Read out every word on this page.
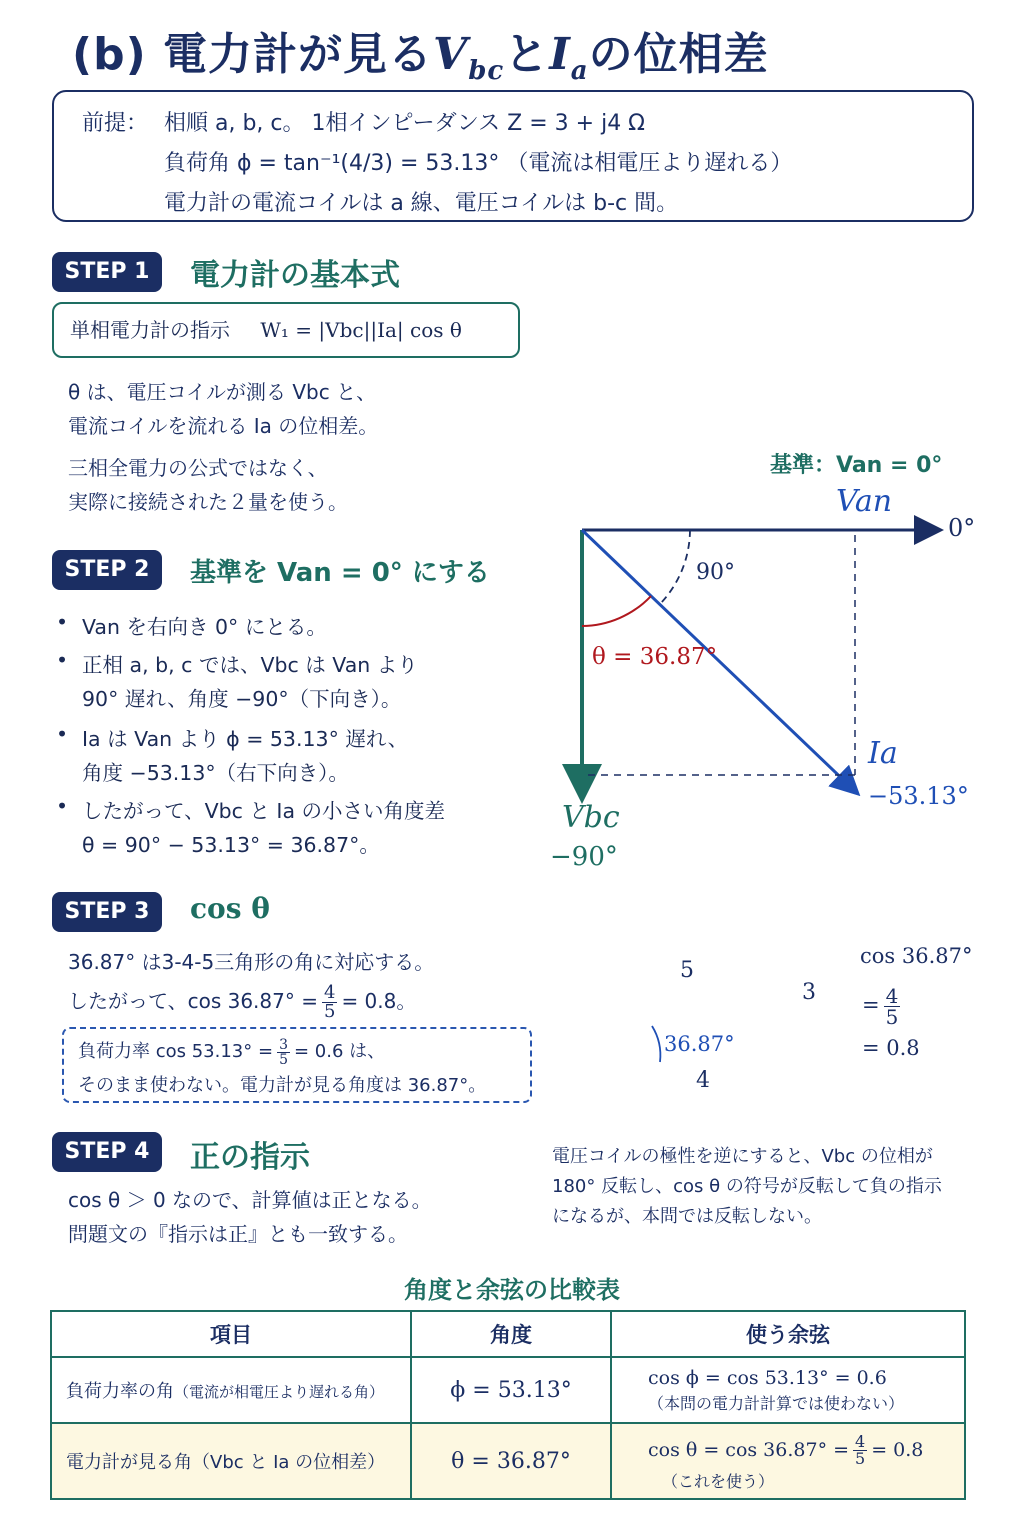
(b) 電力計が見る$V_{bc}$と$I_a$の位相差
前提： 相順 a, b, c。 1相インピーダンス Z = 3 + j4 Ω
負荷角 ϕ = tan⁻¹(4/3) = 53.13° （電流は相電圧より遅れる）
電力計の電流コイルは a 線、電圧コイルは b-c 間。
STEP 1	電力計の基本式
単相電力計の指示 W₁ = |Vbc||Ia| cos θ
θ は、電圧コイルが測る Vbc と、
電流コイルを流れる Ia の位相差。
三相全電力の公式ではなく、
実際に接続された２量を使う。
STEP 2	基準を Van = 0° にする
• Van を右向き 0° にとる。
• 正相 a, b, c では、Vbc は Van より
90° 遅れ、角度 −90°（下向き）。
• Ia は Van より ϕ = 53.13° 遅れ、
角度 −53.13°（右下向き）。
• したがって、Vbc と Ia の小さい角度差
θ = 90° − 53.13° = 36.87°。
基準：Van = 0°
Van
0°
90°
θ = 36.87°
Ia
−53.13°
Vbc
−90°
STEP 3	cos θ
36.87° は3-4-5三角形の角に対応する。
したがって、$\cos 36.87^\circ = \frac{4}{5} = 0.8$。
負荷力率 $\cos 53.13^\circ = \frac{3}{5} = 0.6$ は、
そのまま使わない。電力計が見る角度は 36.87°。
5
3
4
36.87°
cos 36.87°
= $\frac{4}{5}$
= 0.8
STEP 4	正の指示
cos θ ＞ 0 なので、計算値は正となる。
問題文の『指示は正』とも一致する。
電圧コイルの極性を逆にすると、Vbc の位相が
180° 反転し、cos θ の符号が反転して負の指示
になるが、本問では反転しない。
角度と余弦の比較表
項目	角度	使う余弦
負荷力率の角（電流が相電圧より遅れる角）	ϕ = 53.13°	cos ϕ = cos 53.13° = 0.6
（本問の電力計計算では使わない）

電力計が見る角（Vbc と Ia の位相差）	θ = 36.87°	$\cos \theta = \cos 36.87^\circ = \frac{4}{5} = 0.8$
（これを使う）
